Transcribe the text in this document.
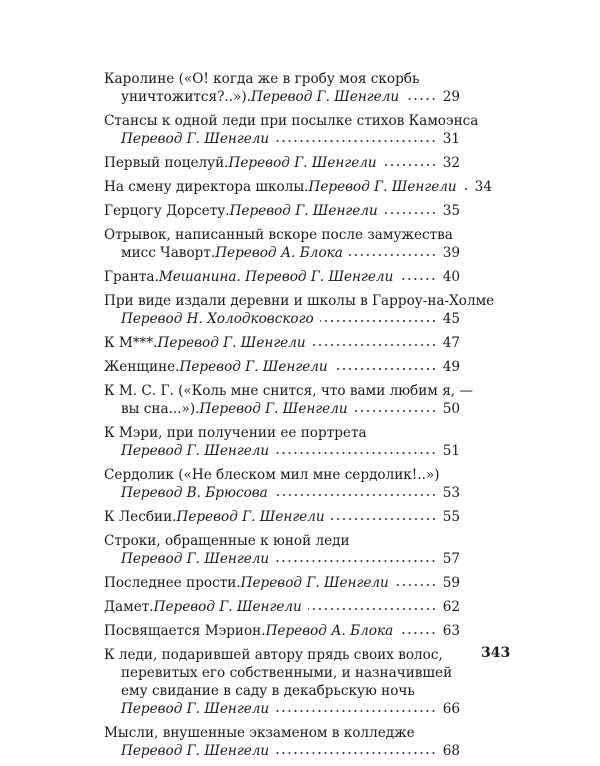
Каролине («О! когда же в гробу моя скорбь
уничтожится?..»). Перевод Г. Шенгели	29
Стансы к одной леди при посылке стихов Камоэнса
Перевод Г. Шенгели	31
Первый поцелуй. Перевод Г. Шенгели	32
На смену директора школы. Перевод Г. Шенгели 34
Герцогу Дорсету. Перевод Г. Шенгели	35
Отрывок, написанный вскоре после замужества
мисс Чаворт. Перевод А. Блока	39
Гранта. Мешанина. Перевод Г. Шенгели	40
При виде издали деревни и школы в Гарроу-на-Холме
Перевод Н. Холодковского	45
К М***. Перевод Г. Шенгели	47
Женщине. Перевод Г. Шенгели	49
К М. С. Г. («Коль мне снится, что вами любим я, —
вы сна...»). Перевод Г. Шенгели	50
К Мэри, при получении ее портрета
Перевод Г. Шенгели	51
Сердолик («Не блеском мил мне сердолик!..»)
Перевод В. Брюсова	53
К Лесбии. Перевод Г. Шенгели	55
Строки, обращенные к юной леди
Перевод Г. Шенгели	57
Последнее прости. Перевод Г. Шенгели	59
Дамет. Перевод Г. Шенгели	62
Посвящается Мэрион. Перевод А. Блока	63
К леди, подарившей автору прядь своих волос,
перевитых его собственными, и назначившей
ему свидание в саду в декабрьскую ночь
Перевод Г. Шенгели	66
Мысли, внушенные экзаменом в колледже
Перевод Г. Шенгели	68
343
